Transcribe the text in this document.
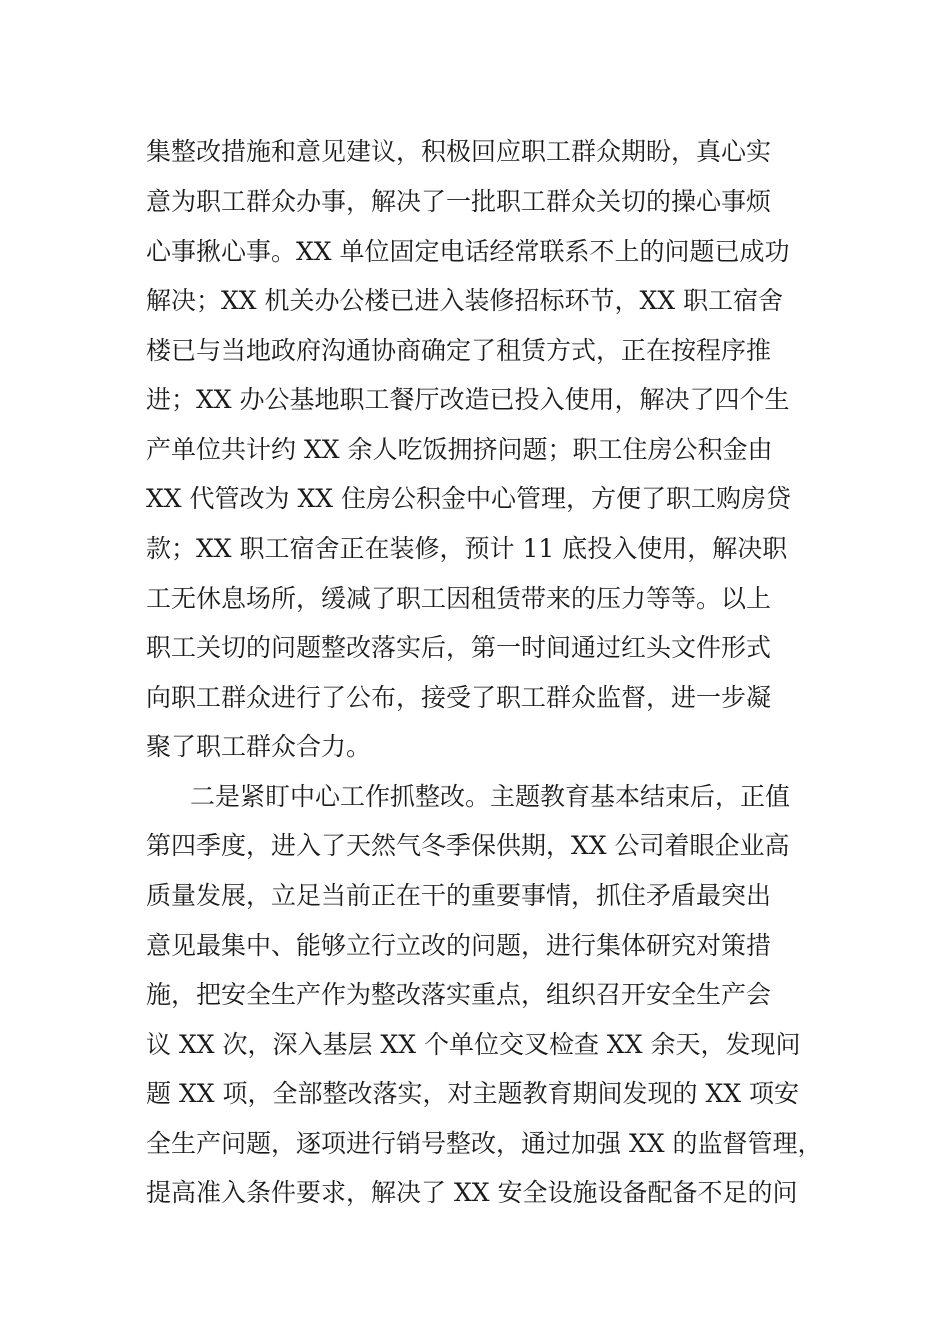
集整改措施和意见建议，积极回应职工群众期盼，真心实
意为职工群众办事，解决了一批职工群众关切的操心事烦
心事揪心事。XX 单位固定电话经常联系不上的问题已成功
解决；XX 机关办公楼已进入装修招标环节，XX 职工宿舍
楼已与当地政府沟通协商确定了租赁方式，正在按程序推
进；XX 办公基地职工餐厅改造已投入使用，解决了四个生
产单位共计约 XX 余人吃饭拥挤问题；职工住房公积金由
XX 代管改为 XX 住房公积金中心管理，方便了职工购房贷
款；XX 职工宿舍正在装修，预计 11 底投入使用，解决职
工无休息场所，缓减了职工因租赁带来的压力等等。以上
职工关切的问题整改落实后，第一时间通过红头文件形式
向职工群众进行了公布，接受了职工群众监督，进一步凝
聚了职工群众合力。
二是紧盯中心工作抓整改。主题教育基本结束后，正值
第四季度，进入了天然气冬季保供期，XX 公司着眼企业高
质量发展，立足当前正在干的重要事情，抓住矛盾最突出
意见最集中、能够立行立改的问题，进行集体研究对策措
施，把安全生产作为整改落实重点，组织召开安全生产会
议 XX 次，深入基层 XX 个单位交叉检查 XX 余天，发现问
题 XX 项，全部整改落实，对主题教育期间发现的 XX 项安
全生产问题，逐项进行销号整改，通过加强 XX 的监督管理，
提高准入条件要求，解决了 XX 安全设施设备配备不足的问
